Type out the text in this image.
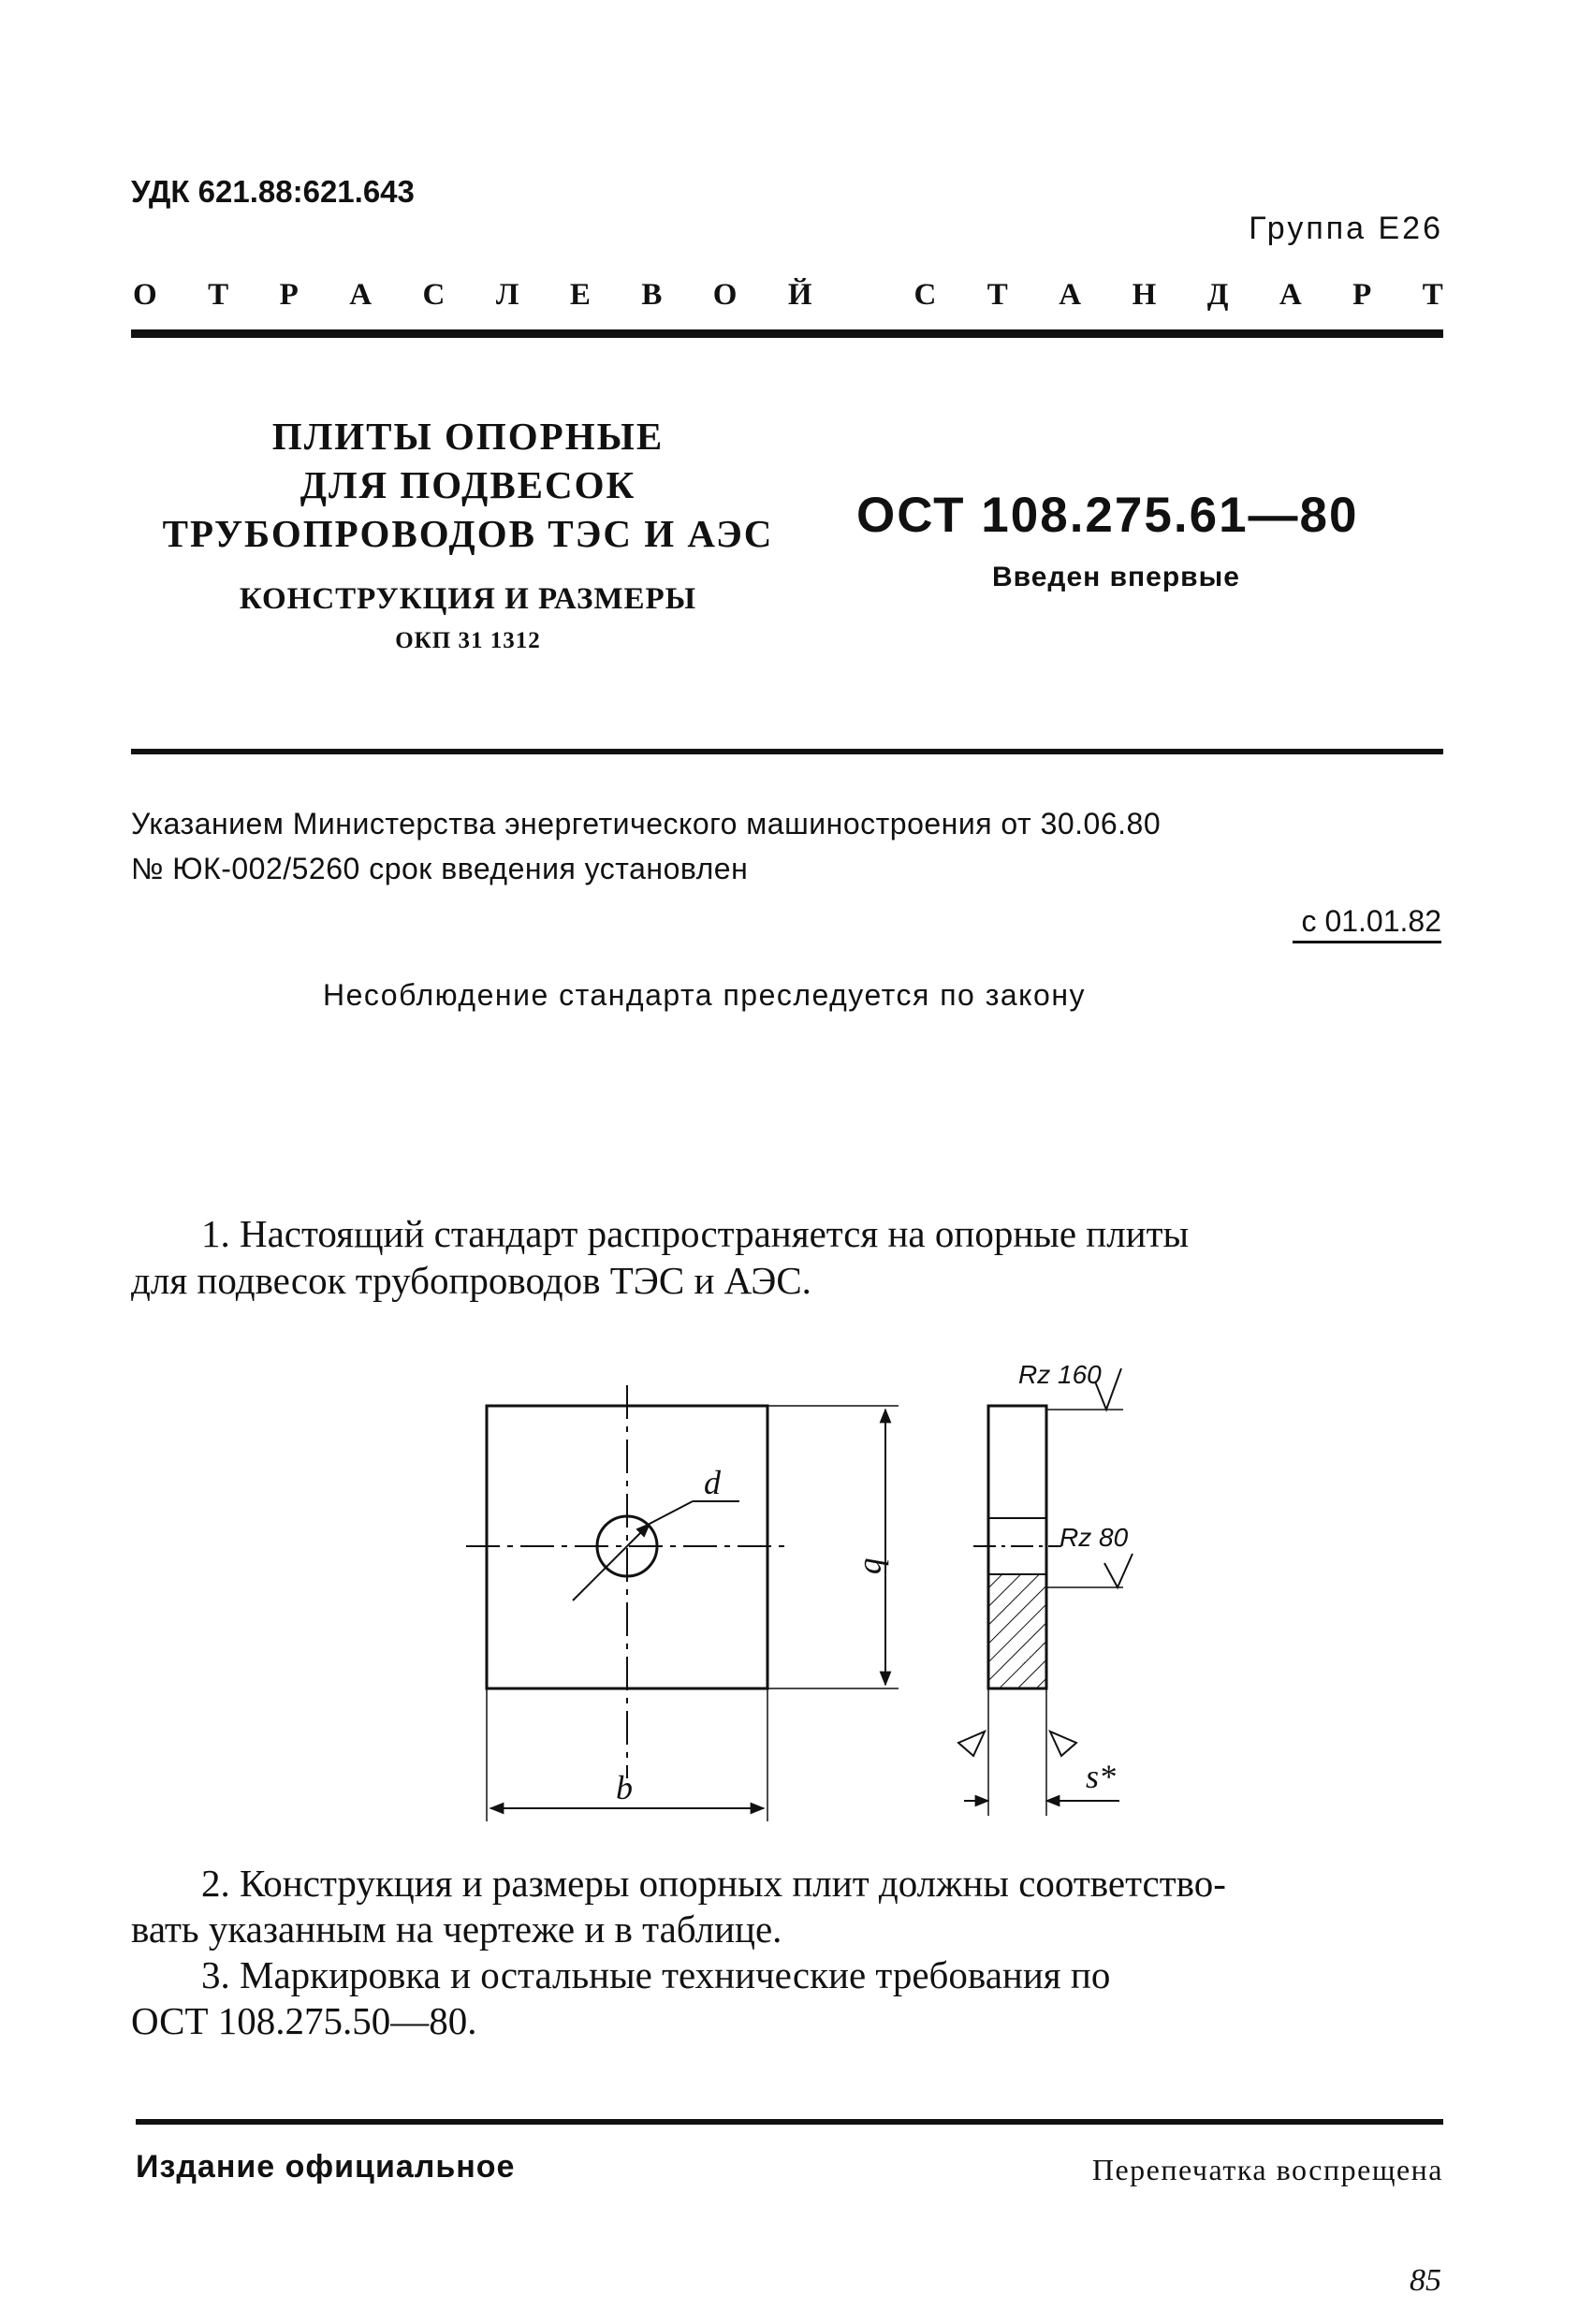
УДК 621.88:621.643
Группа Е26
О Т Р А С Л Е В О Й	С Т А Н Д А Р Т
ПЛИТЫ ОПОРНЫЕ
ДЛЯ ПОДВЕСОК
ТРУБОПРОВОДОВ ТЭС И АЭС
КОНСТРУКЦИЯ И РАЗМЕРЫ
ОКП 31 1312
ОСТ 108.275.61—80
Введен впервые
Указанием Министерства энергетического машиностроения от 30.06.80
№ ЮК-002/5260 срок введения установлен
с 01.01.82
Несоблюдение стандарта преследуется по закону
1. Настоящий стандарт распространяется на опорные плиты
для подвесок трубопроводов ТЭС и АЭС.
d
b
b	s*
Rz 160
Rz 80
2. Конструкция и размеры опорных плит должны соответство-
вать указанным на чертеже и в таблице.
3. Маркировка и остальные технические требования по
ОСТ 108.275.50—80.
Издание официальное	Перепечатка воспрещена
85
